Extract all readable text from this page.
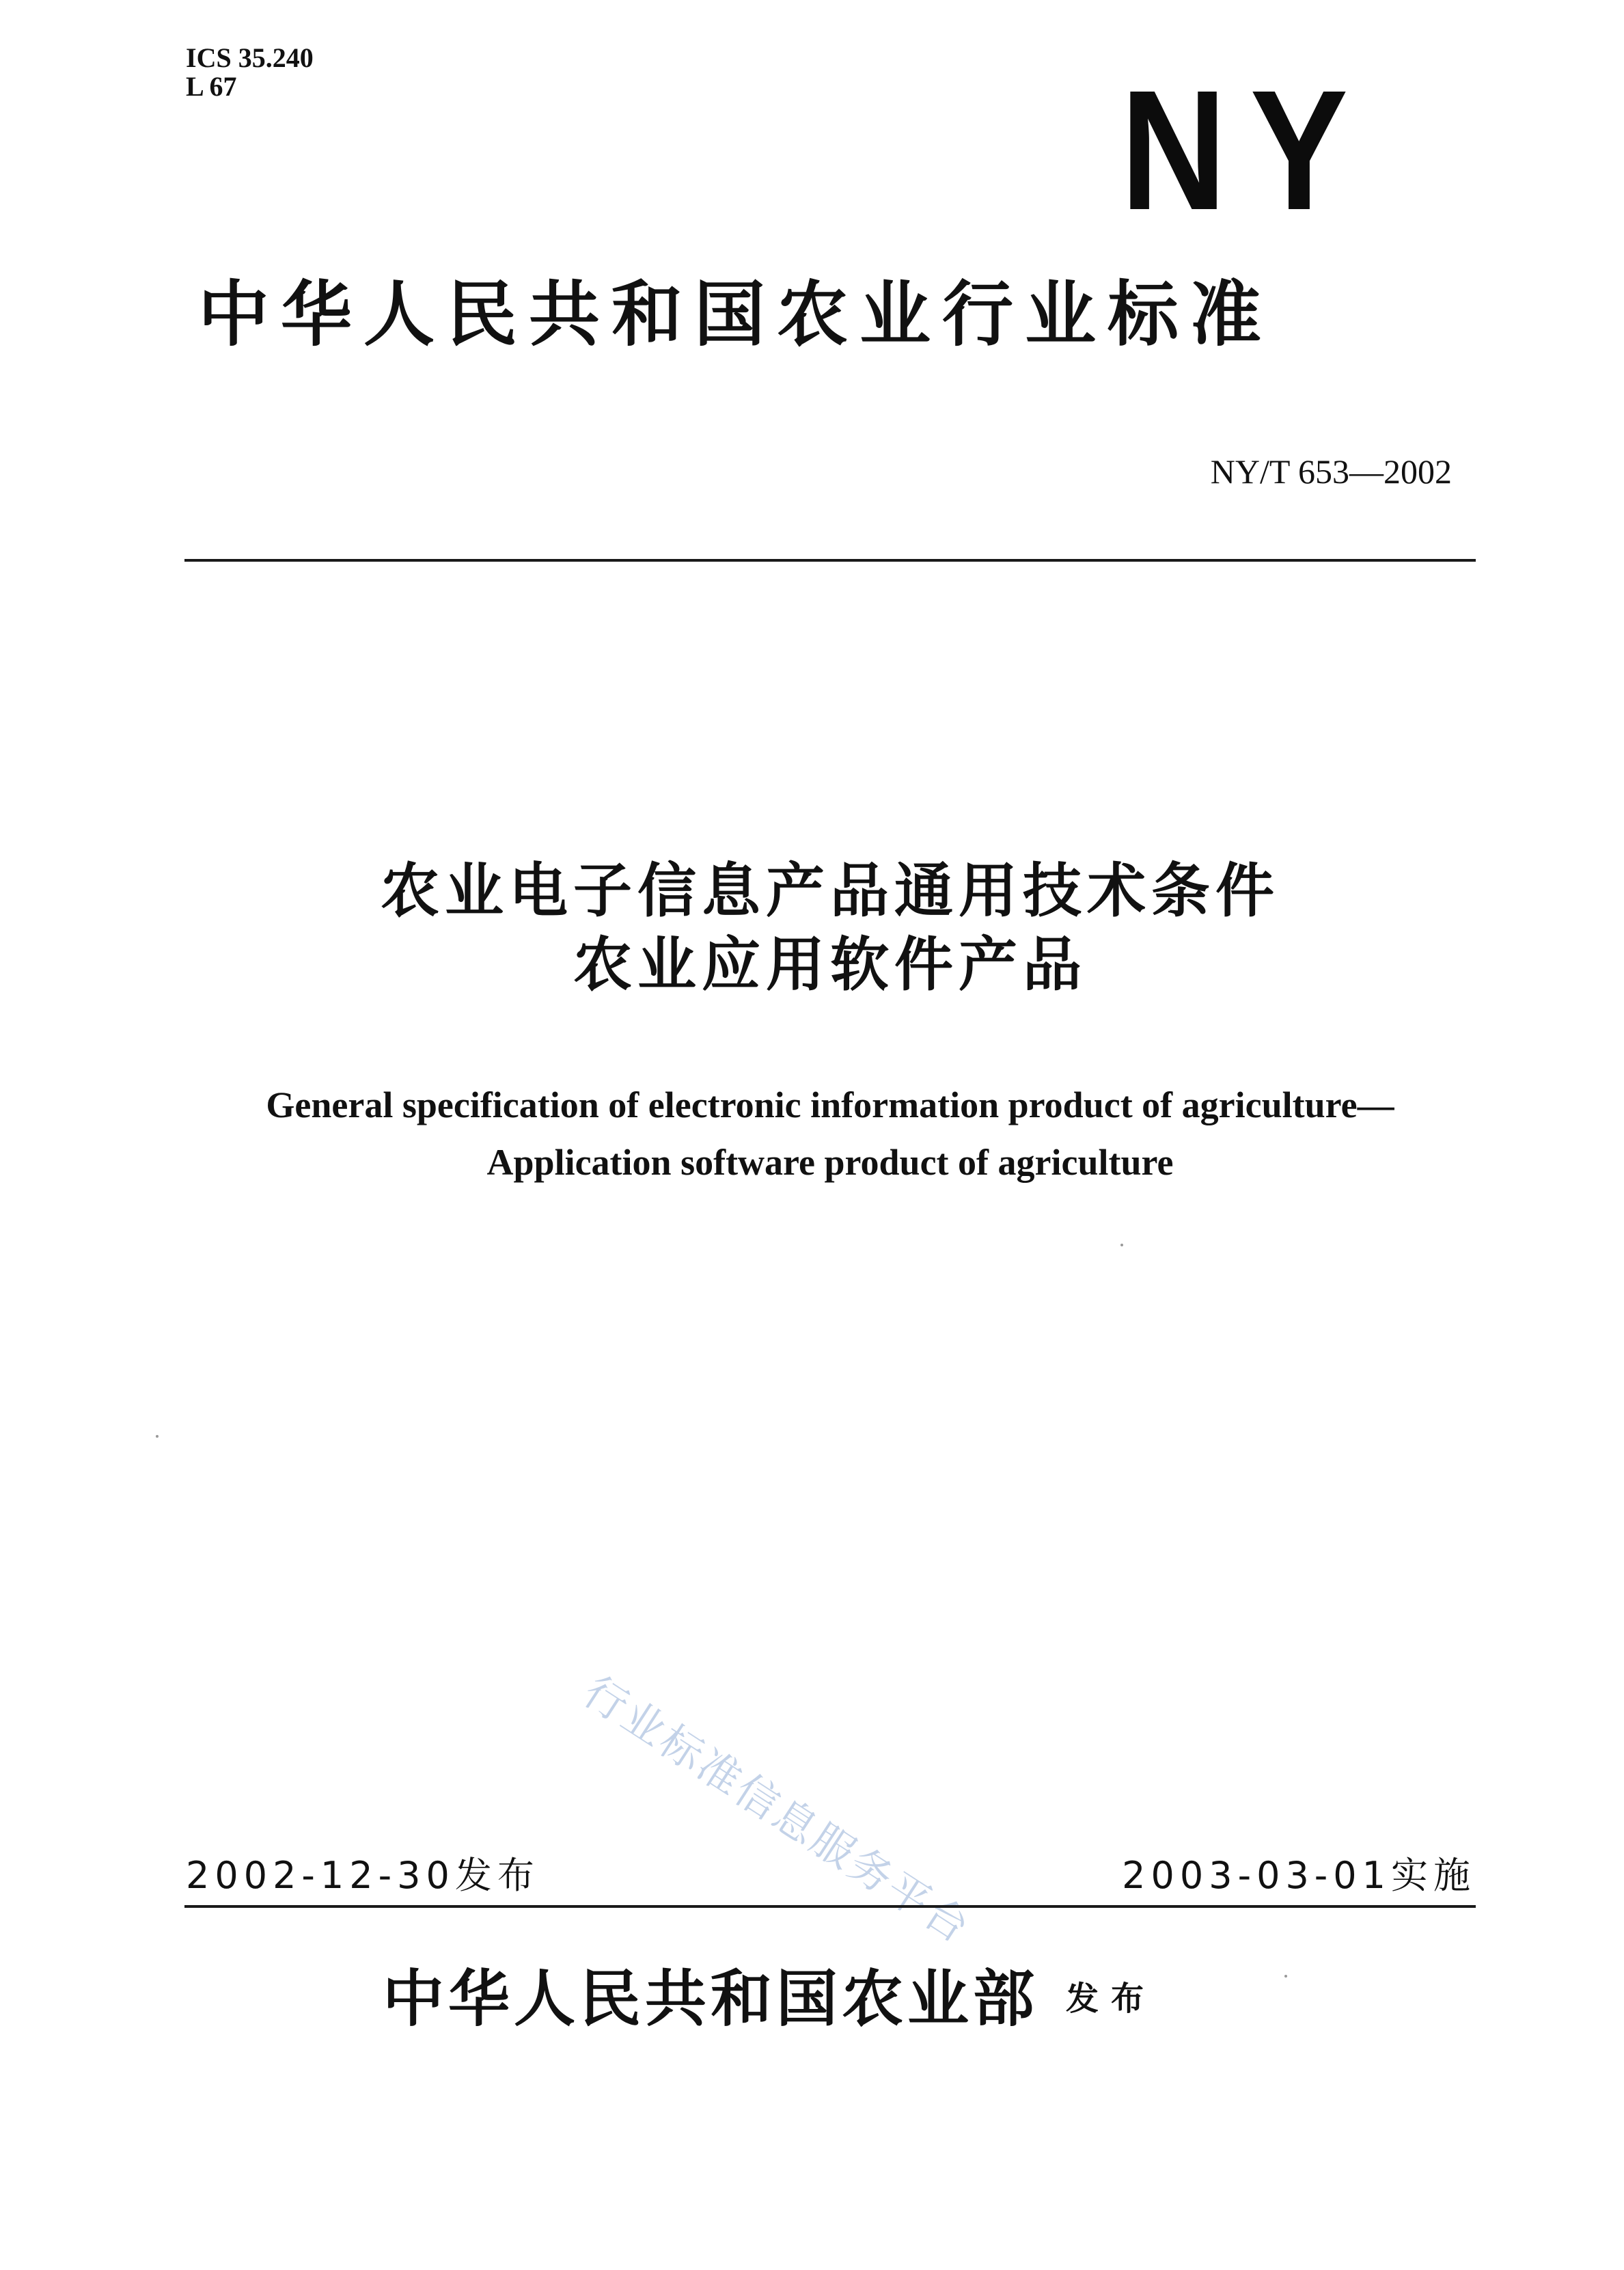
ICS 35.240
L 67	NY
中华人民共和国农业行业标准
NY/T 653—2002
农业电子信息产品通用技术条件
农业应用软件产品
General specification of electronic information product of agriculture—
Application software product of agriculture
行业标准信息服务平台
2002-12-30发布	2003-03-01实施
中华人民共和国农业部 发布
